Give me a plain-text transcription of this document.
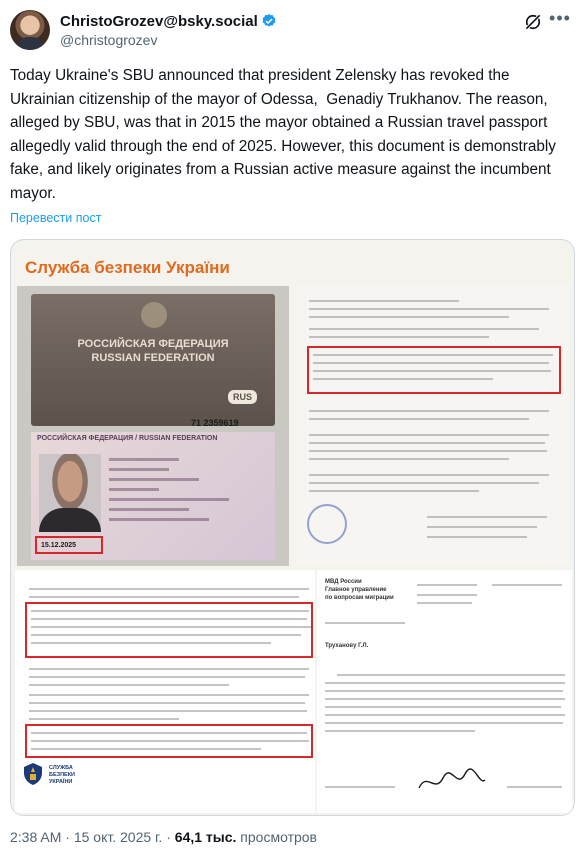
ChristoGrozev@bsky.social
@christogrozev
•••
Today Ukraine's SBU announced that president Zelensky has revoked the Ukrainian citizenship of the mayor of Odessa,  Genadiy Trukhanov. The reason, alleged by SBU, was that in 2015 the mayor obtained a Russian travel passport allegedly valid through the end of 2025. However, this document is demonstrably fake, and likely originates from a Russian active measure against the incumbent mayor.
Перевести пост
Служба безпеки України
РОССИЙСКАЯ ФЕДЕРАЦИЯ
RUSSIAN FEDERATION
RUS
71 2359619
РОССИЙСКАЯ ФЕДЕРАЦИЯ / RUSSIAN FEDERATION
15.12.2025
СЛУЖБА
БЕЗПЕКИ
УКРАЇНИ
МВД России
Главное управление
по вопросам миграции
Трухановy Г.Л.
2:38 AM · 15 окт. 2025 г. · 64,1 тыс. просмотров
